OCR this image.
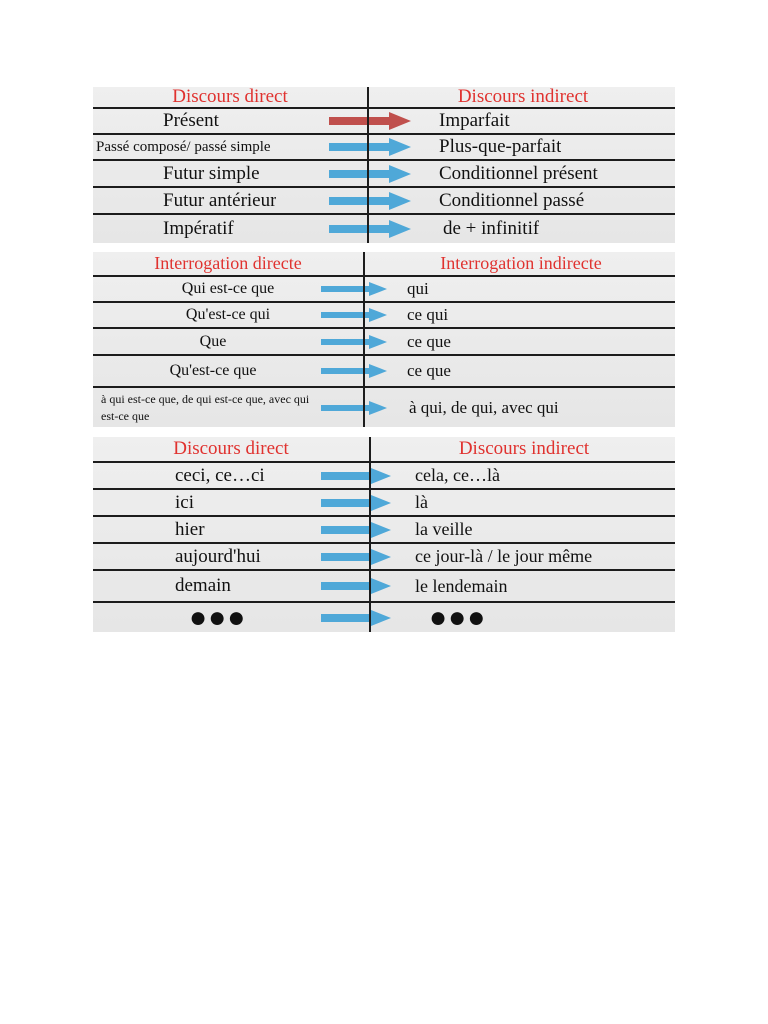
Discours direct	Discours indirect
Présent	Imparfait
Passé composé/ passé simple	Plus-que-parfait
Futur simple	Conditionnel présent
Futur antérieur	Conditionnel passé
Impératif	de + infinitif
Interrogation directe	Interrogation indirecte
Qui est-ce que	qui
Qu'est-ce qui	ce qui
Que	ce que
Qu'est-ce que	ce que
à qui est-ce que, de qui est-ce que, avec qui est-ce que	à qui, de qui, avec qui
Discours direct	Discours indirect
ceci, ce…ci	cela, ce…là
ici	là
hier	la veille
aujourd'hui	ce jour-là / le jour même
demain	le lendemain
●●●	●●●
